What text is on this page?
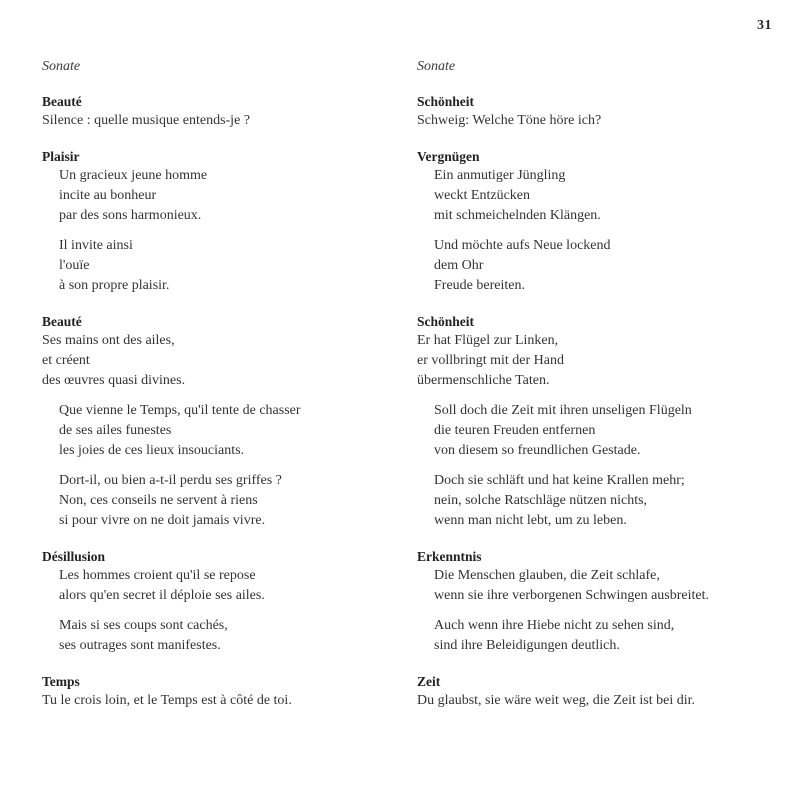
31
Sonate
Beauté
Silence : quelle musique entends-je ?
Plaisir
Un gracieux jeune homme
incite au bonheur
par des sons harmonieux.
Il invite ainsi
l'ouïe
à son propre plaisir.
Beauté
Ses mains ont des ailes,
et créent
des œuvres quasi divines.
Que vienne le Temps, qu'il tente de chasser
de ses ailes funestes
les joies de ces lieux insouciants.
Dort-il, ou bien a-t-il perdu ses griffes ?
Non, ces conseils ne servent à riens
si pour vivre on ne doit jamais vivre.
Désillusion
Les hommes croient qu'il se repose
alors qu'en secret il déploie ses ailes.
Mais si ses coups sont cachés,
ses outrages sont manifestes.
Temps
Tu le crois loin, et le Temps est à côté de toi.
Sonate
Schönheit
Schweig: Welche Töne höre ich?
Vergnügen
Ein anmutiger Jüngling
weckt Entzücken
mit schmeichelnden Klängen.
Und möchte aufs Neue lockend
dem Ohr
Freude bereiten.
Schönheit
Er hat Flügel zur Linken,
er vollbringt mit der Hand
übermenschliche Taten.
Soll doch die Zeit mit ihren unseligen Flügeln
die teuren Freuden entfernen
von diesem so freundlichen Gestade.
Doch sie schläft und hat keine Krallen mehr;
nein, solche Ratschläge nützen nichts,
wenn man nicht lebt, um zu leben.
Erkenntnis
Die Menschen glauben, die Zeit schlafe,
wenn sie ihre verborgenen Schwingen ausbreitet.
Auch wenn ihre Hiebe nicht zu sehen sind,
sind ihre Beleidigungen deutlich.
Zeit
Du glaubst, sie wäre weit weg, die Zeit ist bei dir.
